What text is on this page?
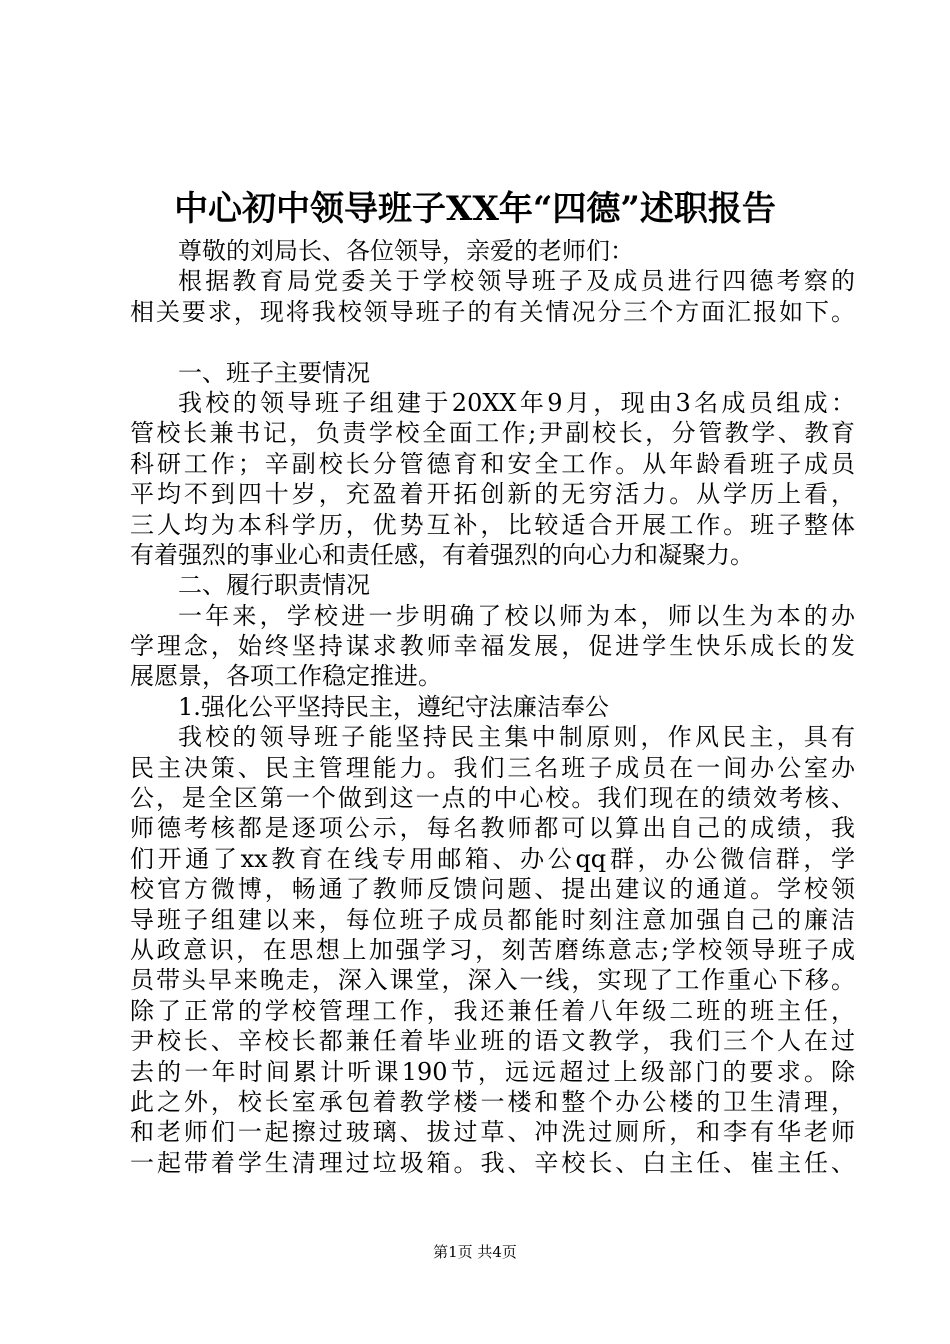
中心初中领导班子XX年“四德”述职报告
尊敬的刘局长、各位领导，亲爱的老师们：
根据教育局党委关于学校领导班子及成员进行四德考察的
相关要求，现将我校领导班子的有关情况分三个方面汇报如下。
一、班子主要情况
我校的领导班子组建于20XX年9月，现由3名成员组成：
管校长兼书记，负责学校全面工作;尹副校长，分管教学、教育
科研工作；辛副校长分管德育和安全工作。从年龄看班子成员
平均不到四十岁，充盈着开拓创新的无穷活力。从学历上看，
三人均为本科学历，优势互补，比较适合开展工作。班子整体
有着强烈的事业心和责任感，有着强烈的向心力和凝聚力。
二、履行职责情况
一年来，学校进一步明确了校以师为本，师以生为本的办
学理念，始终坚持谋求教师幸福发展，促进学生快乐成长的发
展愿景，各项工作稳定推进。
1.强化公平坚持民主，遵纪守法廉洁奉公
我校的领导班子能坚持民主集中制原则，作风民主，具有
民主决策、民主管理能力。我们三名班子成员在一间办公室办
公，是全区第一个做到这一点的中心校。我们现在的绩效考核、
师德考核都是逐项公示，每名教师都可以算出自己的成绩，我
们开通了xx教育在线专用邮箱、办公qq群，办公微信群，学
校官方微博，畅通了教师反馈问题、提出建议的通道。学校领
导班子组建以来，每位班子成员都能时刻注意加强自己的廉洁
从政意识，在思想上加强学习，刻苦磨练意志;学校领导班子成
员带头早来晚走，深入课堂，深入一线，实现了工作重心下移。
除了正常的学校管理工作，我还兼任着八年级二班的班主任，
尹校长、辛校长都兼任着毕业班的语文教学，我们三个人在过
去的一年时间累计听课190节，远远超过上级部门的要求。除
此之外，校长室承包着教学楼一楼和整个办公楼的卫生清理，
和老师们一起擦过玻璃、拔过草、冲洗过厕所，和李有华老师
一起带着学生清理过垃圾箱。我、辛校长、白主任、崔主任、
第1页 共4页
